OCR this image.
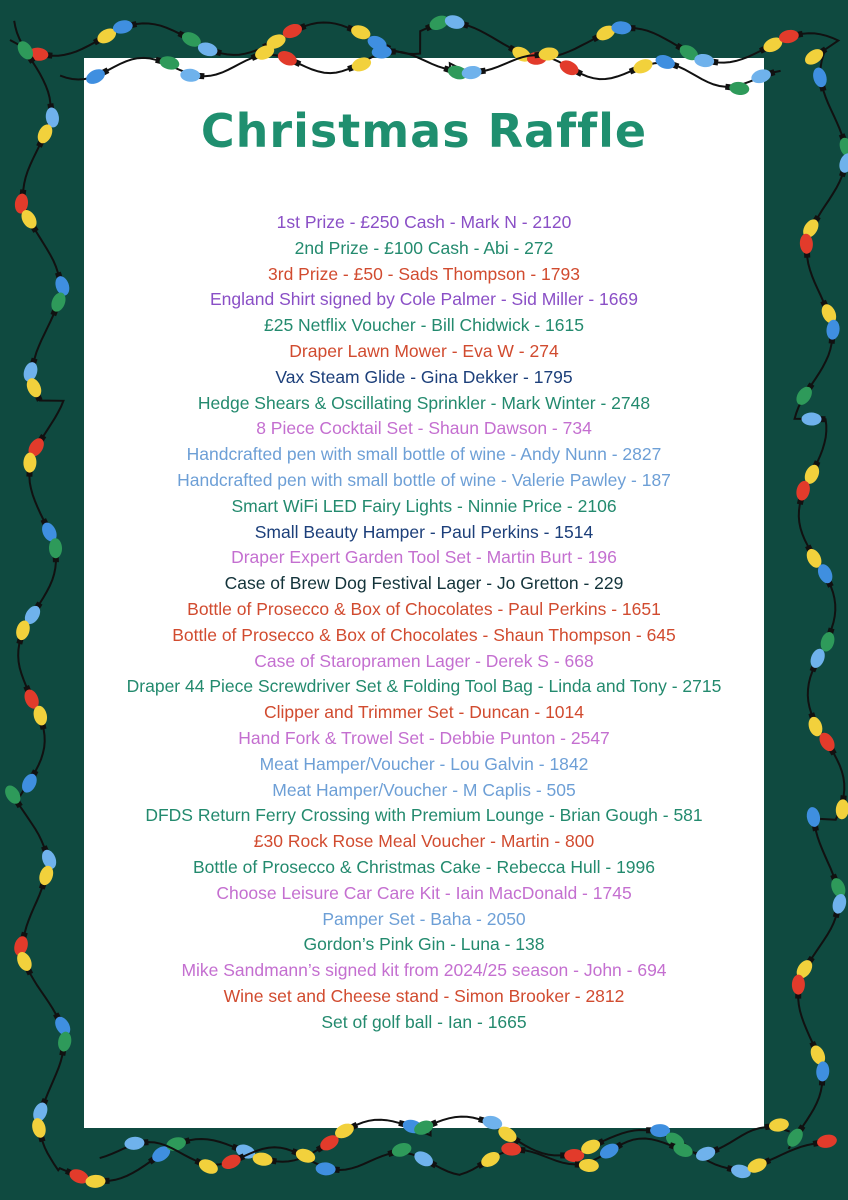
Christmas Raffle
1st Prize - £250 Cash - Mark N - 2120
2nd Prize - £100 Cash - Abi - 272
3rd Prize - £50 - Sads Thompson - 1793
England Shirt signed by Cole Palmer - Sid Miller - 1669
£25 Netflix Voucher - Bill Chidwick - 1615
Draper Lawn Mower - Eva W - 274
Vax Steam Glide - Gina Dekker - 1795
Hedge Shears & Oscillating Sprinkler - Mark Winter - 2748
8 Piece Cocktail Set - Shaun Dawson - 734
Handcrafted pen with small bottle of wine - Andy Nunn - 2827
Handcrafted pen with small bottle of wine - Valerie Pawley - 187
Smart WiFi LED Fairy Lights - Ninnie Price - 2106
Small Beauty Hamper - Paul Perkins - 1514
Draper Expert Garden Tool Set - Martin Burt - 196
Case of Brew Dog Festival Lager - Jo Gretton - 229
Bottle of Prosecco & Box of Chocolates - Paul Perkins - 1651
Bottle of Prosecco & Box of Chocolates - Shaun Thompson - 645
Case of Staropramen Lager - Derek S - 668
Draper 44 Piece Screwdriver Set & Folding Tool Bag - Linda and Tony - 2715
Clipper and Trimmer Set - Duncan - 1014
Hand Fork & Trowel Set - Debbie Punton - 2547
Meat Hamper/Voucher - Lou Galvin - 1842
Meat Hamper/Voucher - M Caplis - 505
DFDS Return Ferry Crossing with Premium Lounge - Brian Gough - 581
£30 Rock Rose Meal Voucher - Martin - 800
Bottle of Prosecco & Christmas Cake - Rebecca Hull - 1996
Choose Leisure Car Care Kit - Iain MacDonald - 1745
Pamper Set - Baha - 2050
Gordon’s Pink Gin - Luna - 138
Mike Sandmann’s signed kit from 2024/25 season - John - 694
Wine set and Cheese stand - Simon Brooker - 2812
Set of golf ball - Ian - 1665
